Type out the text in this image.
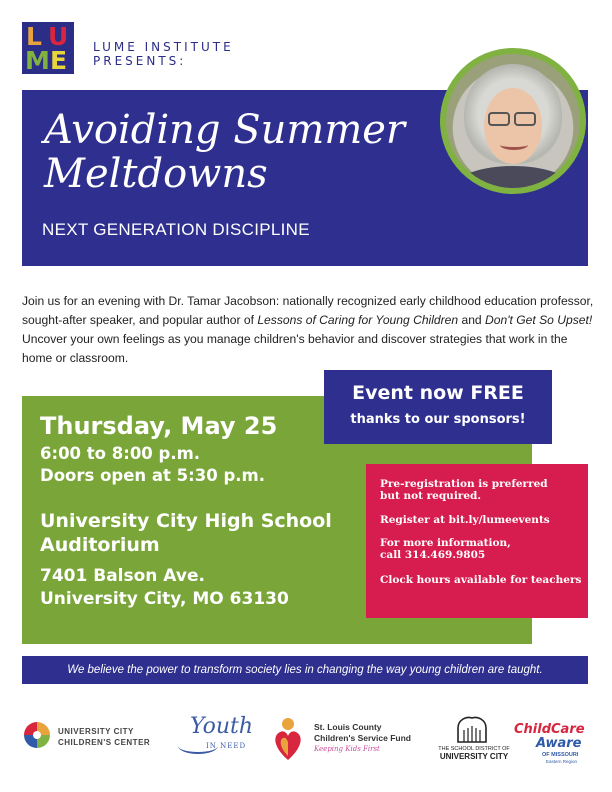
L U
M E LUME INSTITUTE
PRESENTS:
Avoiding Summer
Meltdowns
NEXT GENERATION DISCIPLINE

Join us for an evening with Dr. Tamar Jacobson: nationally recognized early childhood education professor, sought-after speaker, and popular author of Lessons of Caring for Young Children and Don't Get So Upset! Uncover your own feelings as you manage children's behavior and discover strategies that work in the home or classroom.

Thursday, May 25
6:00 to 8:00 p.m.
Doors open at 5:30 p.m.
University City High School
Auditorium
7401 Balson Ave.
University City, MO 63130
Event now FREE
thanks to our sponsors!
Pre-registration is preferred
but not required.
Register at bit.ly/lumeevents
For more information,
call 314.469.9805
Clock hours available for teachers
We believe the power to transform society lies in changing the way young children are taught.
UNIVERSITY CITY
CHILDREN'S CENTER
Youth
IN NEED
St. Louis County
Children's Service Fund
Keeping Kids First	THE SCHOOL DISTRICT OF
UNIVERSITY CITY
ChildCare
Aware
OF MISSOURI
Eastern Region
